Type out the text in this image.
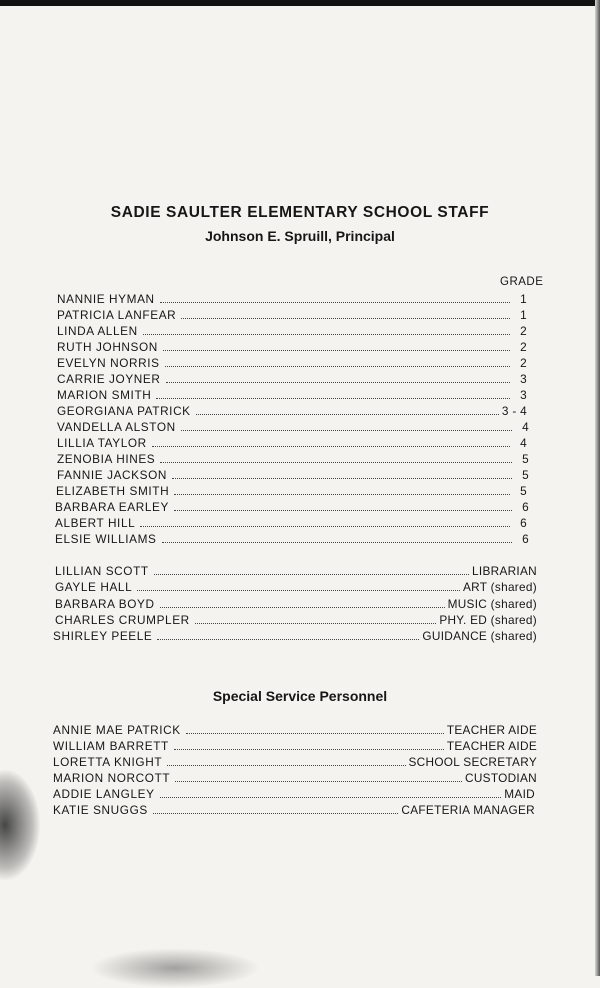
SADIE SAULTER ELEMENTARY SCHOOL STAFF
Johnson E. Spruill, Principal
GRADE
NANNIE HYMAN	1
PATRICIA LANFEAR	1
LINDA ALLEN	2
RUTH JOHNSON	2
EVELYN NORRIS	2
CARRIE JOYNER	3
MARION SMITH	3
GEORGIANA PATRICK	3 - 4
VANDELLA ALSTON	4
LILLIA TAYLOR	4
ZENOBIA HINES	5
FANNIE JACKSON	5
ELIZABETH SMITH	5
BARBARA EARLEY	6
ALBERT HILL	6
ELSIE WILLIAMS	6
LILLIAN SCOTT	LIBRARIAN
GAYLE HALL	ART (shared)
BARBARA BOYD	MUSIC (shared)
CHARLES CRUMPLER	PHY. ED (shared)
SHIRLEY PEELE	GUIDANCE (shared)
Special Service Personnel
ANNIE MAE PATRICK	TEACHER AIDE
WILLIAM BARRETT	TEACHER AIDE
LORETTA KNIGHT	SCHOOL SECRETARY
MARION NORCOTT	CUSTODIAN
ADDIE LANGLEY	MAID
KATIE SNUGGS	CAFETERIA MANAGER
